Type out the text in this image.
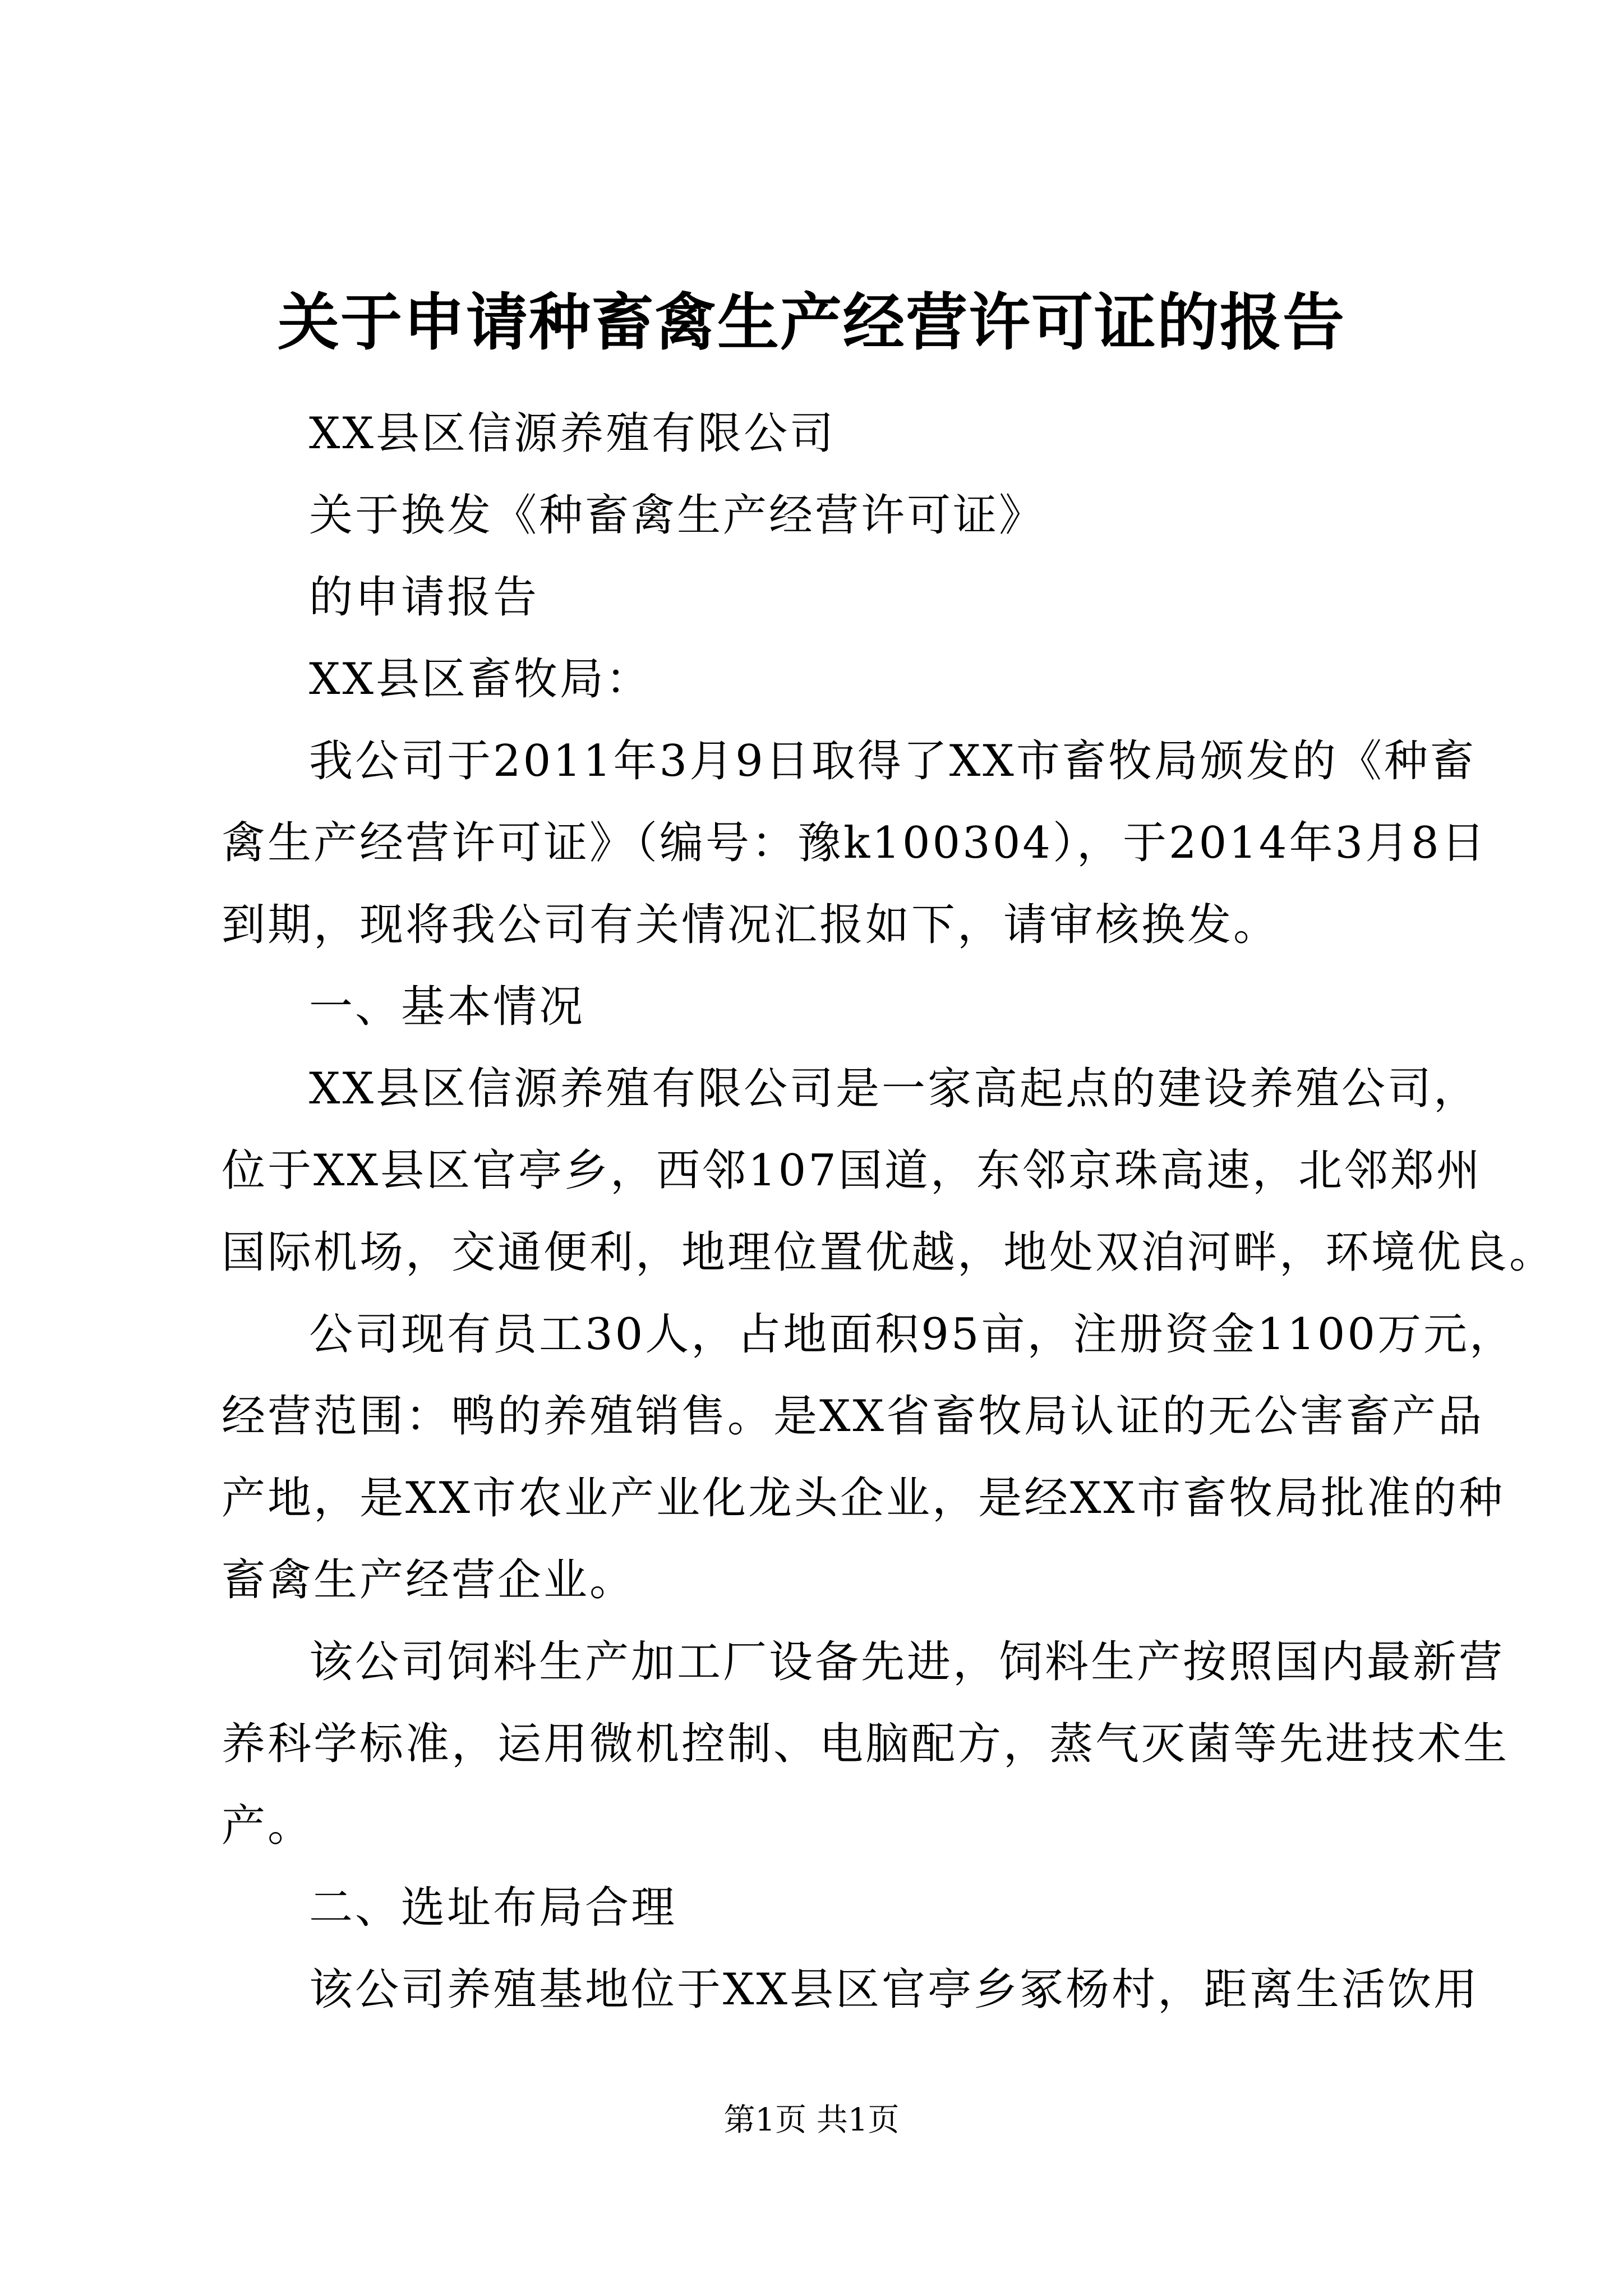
关于申请种畜禽生产经营许可证的报告
XX县区信源养殖有限公司
关于换发《种畜禽生产经营许可证》
的申请报告
XX县区畜牧局：
我公司于2011年3月9日取得了XX市畜牧局颁发的《种畜
禽生产经营许可证》（编号：豫k100304），于2014年3月8日
到期，现将我公司有关情况汇报如下，请审核换发。
一、基本情况
XX县区信源养殖有限公司是一家高起点的建设养殖公司，
位于XX县区官亭乡，西邻107国道，东邻京珠高速，北邻郑州
国际机场，交通便利，地理位置优越，地处双洎河畔，环境优良。
公司现有员工30人，占地面积95亩，注册资金1100万元，
经营范围：鸭的养殖销售。是XX省畜牧局认证的无公害畜产品
产地，是XX市农业产业化龙头企业，是经XX市畜牧局批准的种
畜禽生产经营企业。
该公司饲料生产加工厂设备先进，饲料生产按照国内最新营
养科学标准，运用微机控制、电脑配方，蒸气灭菌等先进技术生
产。
二、选址布局合理
该公司养殖基地位于XX县区官亭乡冢杨村，距离生活饮用
第1页 共1页
